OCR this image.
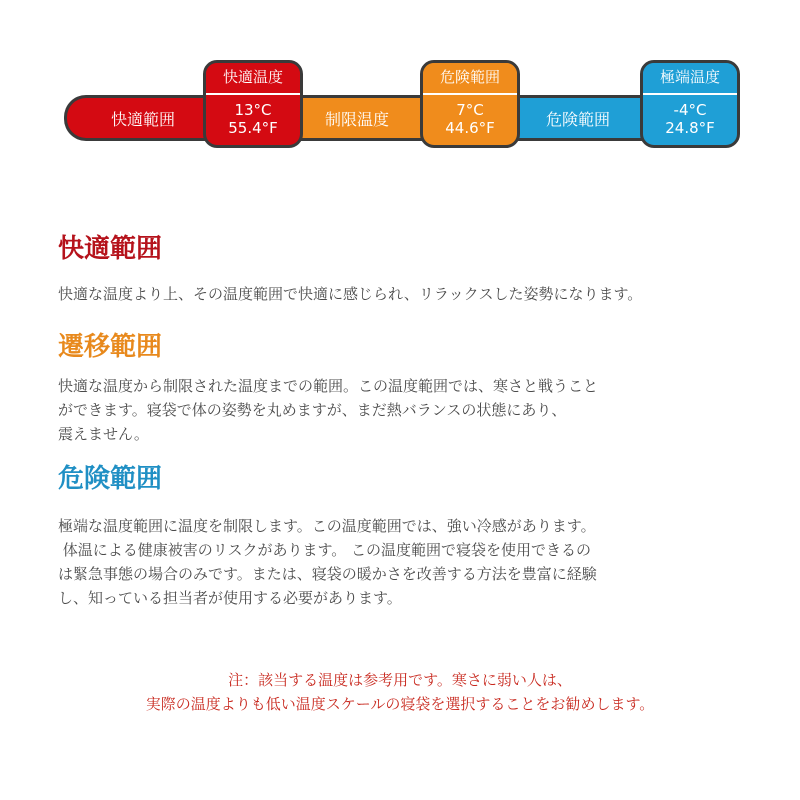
快適範囲	制限温度	危険範囲
快適温度
13°C
55.4°F
危険範囲
7°C
44.6°F
極端温度
-4°C
24.8°F
快適範囲
快適な温度より上、その温度範囲で快適に感じられ、リラックスした姿勢になります。
遷移範囲
快適な温度から制限された温度までの範囲。この温度範囲では、寒さと戦うこと
ができます。寝袋で体の姿勢を丸めますが、まだ熱バランスの状態にあり、
震えません。
危険範囲
極端な温度範囲に温度を制限します。この温度範囲では、強い冷感があります。
体温による健康被害のリスクがあります。 この温度範囲で寝袋を使用できるの
は緊急事態の場合のみです。または、寝袋の暖かさを改善する方法を豊富に経験
し、知っている担当者が使用する必要があります。
注：該当する温度は参考用です。寒さに弱い人は、
実際の温度よりも低い温度スケールの寝袋を選択することをお勧めします。
